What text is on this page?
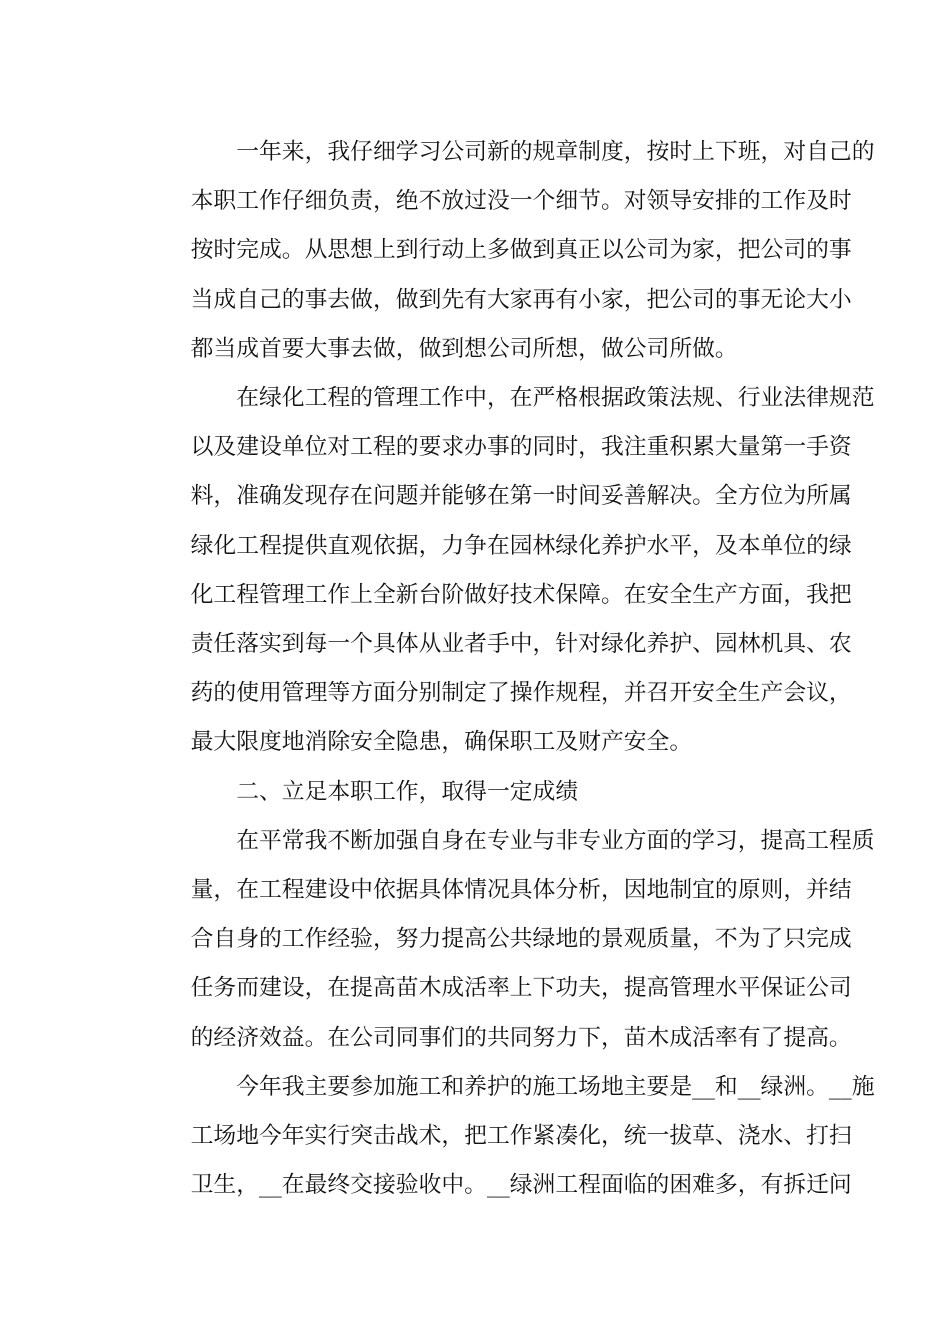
一年来，我仔细学习公司新的规章制度，按时上下班，对自己的
本职工作仔细负责，绝不放过没一个细节。对领导安排的工作及时
按时完成。从思想上到行动上多做到真正以公司为家，把公司的事
当成自己的事去做，做到先有大家再有小家，把公司的事无论大小
都当成首要大事去做，做到想公司所想，做公司所做。
在绿化工程的管理工作中，在严格根据政策法规、行业法律规范
以及建设单位对工程的要求办事的同时，我注重积累大量第一手资
料，准确发现存在问题并能够在第一时间妥善解决。全方位为所属
绿化工程提供直观依据，力争在园林绿化养护水平，及本单位的绿
化工程管理工作上全新台阶做好技术保障。在安全生产方面，我把
责任落实到每一个具体从业者手中，针对绿化养护、园林机具、农
药的使用管理等方面分别制定了操作规程，并召开安全生产会议，
最大限度地消除安全隐患，确保职工及财产安全。
二、立足本职工作，取得一定成绩
在平常我不断加强自身在专业与非专业方面的学习，提高工程质
量，在工程建设中依据具体情况具体分析，因地制宜的原则，并结
合自身的工作经验，努力提高公共绿地的景观质量，不为了只完成
任务而建设，在提高苗木成活率上下功夫，提高管理水平保证公司
的经济效益。在公司同事们的共同努力下，苗木成活率有了提高。
今年我主要参加施工和养护的施工场地主要是__和__绿洲。__施
工场地今年实行突击战术，把工作紧凑化，统一拔草、浇水、打扫
卫生，__在最终交接验收中。__绿洲工程面临的困难多，有拆迁问
